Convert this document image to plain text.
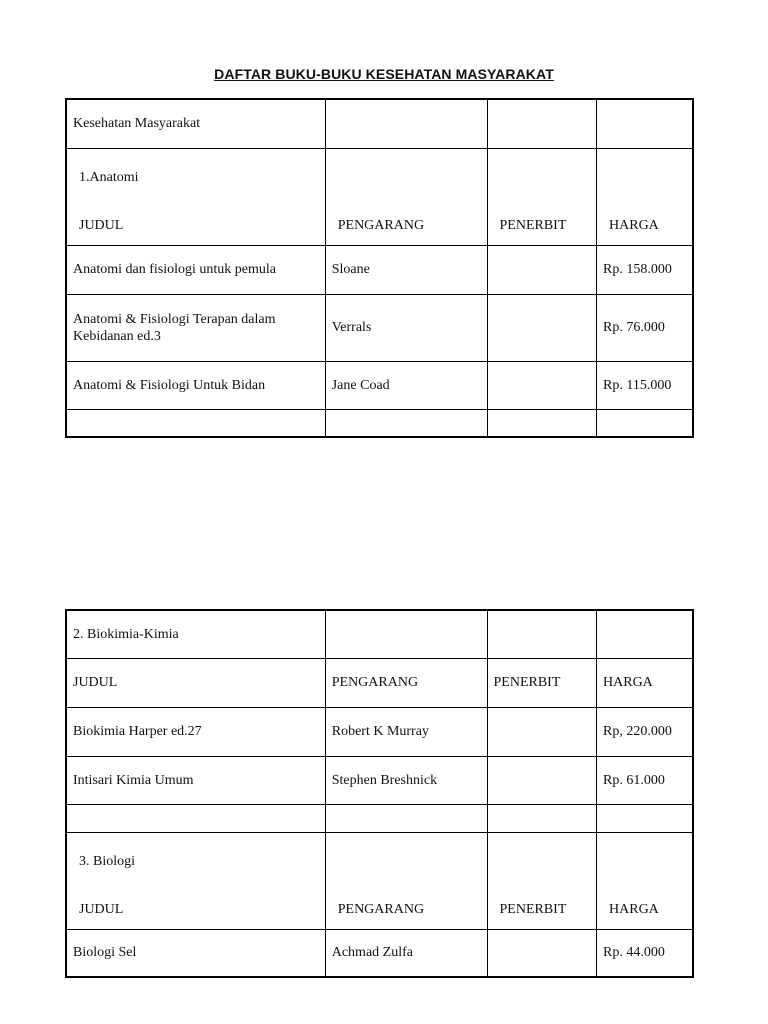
DAFTAR BUKU-BUKU KESEHATAN MASYARAKAT
Kesehatan Masyarakat			

1.Anatomi
JUDUL	PENGARANG	PENERBIT	HARGA

Anatomi dan fisiologi untuk pemula	Sloane		Rp. 158.000
Anatomi & Fisiologi Terapan dalam Kebidanan ed.3	Verrals		Rp. 76.000
Anatomi & Fisiologi Untuk Bidan	Jane Coad		Rp. 115.000

2. Biokimia-Kimia			
JUDUL	PENGARANG	PENERBIT	HARGA
Biokimia Harper ed.27	Robert K Murray		Rp, 220.000
Intisari Kimia Umum	Stephen Breshnick		Rp. 61.000

3. Biologi
JUDUL	PENGARANG	PENERBIT	HARGA

Biologi Sel	Achmad Zulfa		Rp. 44.000
